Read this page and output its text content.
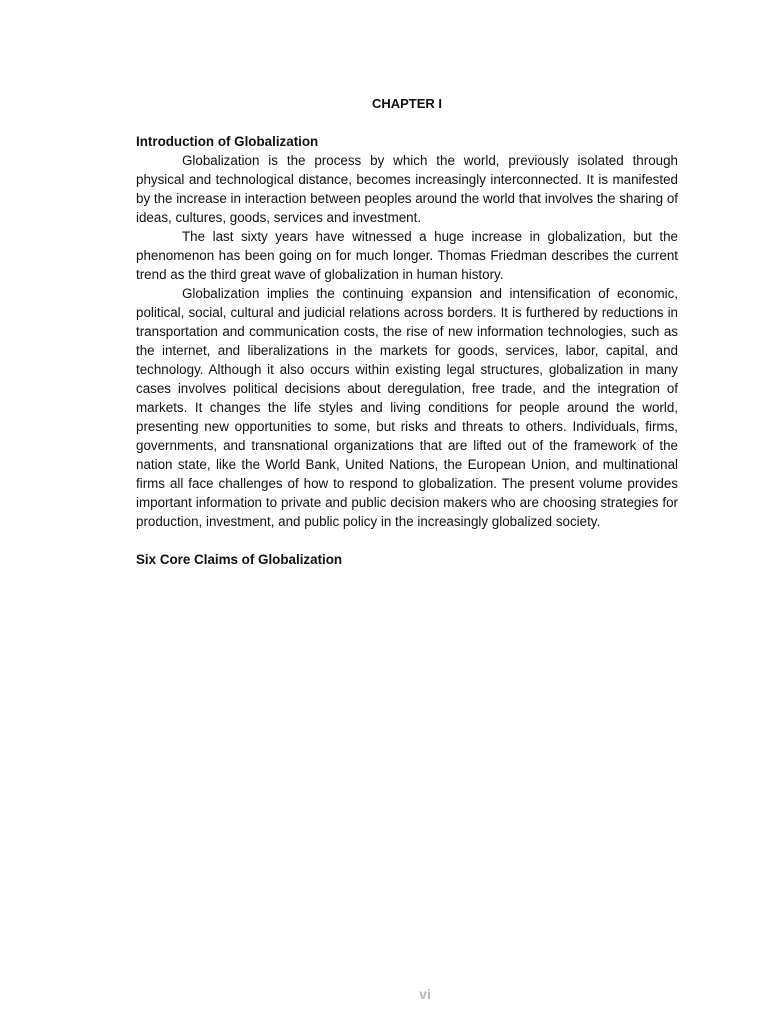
CHAPTER I

Introduction of Globalization

Globalization is the process by which the world, previously isolated through physical and technological distance, becomes increasingly interconnected. It is manifested by the increase in interaction between peoples around the world that involves the sharing of ideas, cultures, goods, services and investment.

The last sixty years have witnessed a huge increase in globalization, but the phenomenon has been going on for much longer. Thomas Friedman describes the current trend as the third great wave of globalization in human history.

Globalization implies the continuing expansion and intensification of economic, political, social, cultural and judicial relations across borders. It is furthered by reductions in transportation and communication costs, the rise of new information technologies, such as the internet, and liberalizations in the markets for goods, services, labor, capital, and technology. Although it also occurs within existing legal structures, globalization in many cases involves political decisions about deregulation, free trade, and the integration of markets. It changes the life styles and living conditions for people around the world, presenting new opportunities to some, but risks and threats to others. Individuals, firms, governments, and transnational organizations that are lifted out of the framework of the nation state, like the World Bank, United Nations, the European Union, and multinational firms all face challenges of how to respond to globalization. The present volume provides important information to private and public decision makers who are choosing strategies for production, investment, and public policy in the increasingly globalized society.

Six Core Claims of Globalization

vi
